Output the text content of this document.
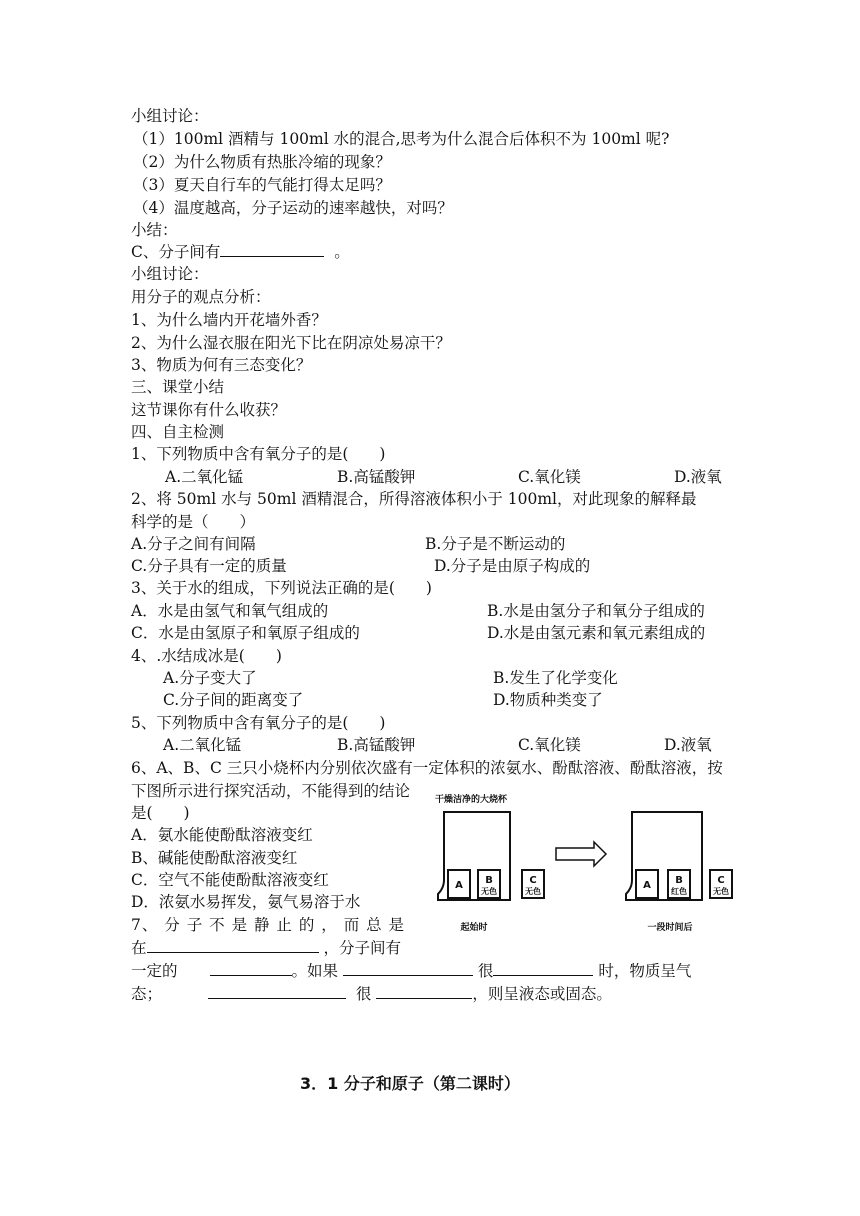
小组讨论：
（1）100ml 酒精与 100ml 水的混合,思考为什么混合后体积不为 100ml 呢?
（2）为什么物质有热胀冷缩的现象？
（3）夏天自行车的气能打得太足吗？
（4）温度越高，分子运动的速率越快，对吗？
小结：
C、分子间有	。
小组讨论：
用分子的观点分析：
1、为什么墙内开花墙外香？
2、为什么湿衣服在阳光下比在阴凉处易凉干？
3、物质为何有三态变化？
三、课堂小结
这节课你有什么收获？
四、自主检测
1、下列物质中含有氧分子的是(　　)
A.二氧化锰	B.高锰酸钾	C.氧化镁	D.液氧
2、将 50ml 水与 50ml 酒精混合，所得溶液体积小于 100ml，对此现象的解释最
科学的是（　　）
A.分子之间有间隔	B.分子是不断运动的
C.分子具有一定的质量	D.分子是由原子构成的
3、关于水的组成，下列说法正确的是(　　)
A．水是由氢气和氧气组成的	B.水是由氢分子和氧分子组成的
C．水是由氢原子和氧原子组成的	D.水是由氢元素和氧元素组成的
4、.水结成冰是(　　)
A.分子变大了	B.发生了化学变化
C.分子间的距离变了	D.物质种类变了
5、下列物质中含有氧分子的是(　　)
A.二氧化锰	B.高锰酸钾	C.氧化镁	D.液氧
6、A、B、C 三只小烧杯内分别依次盛有一定体积的浓氨水、酚酞溶液、酚酞溶液，按
下图所示进行探究活动，不能得到的结论
是(　　)
A．氨水能使酚酞溶液变红
B、碱能使酚酞溶液变红
C．空气不能使酚酞溶液变红
D．浓氨水易挥发，氨气易溶于水
干燥洁净的大烧杯
A B
无色
C
无色
起始时
A B
红色
C
无色
一段时间后
7、 分 子 不 是 静 止 的 ， 而 总 是
在	，分子间有
一定的	。如果	很	时，物质呈气
态；	很	，则呈液态或固态。
3．1 分子和原子（第二课时）
